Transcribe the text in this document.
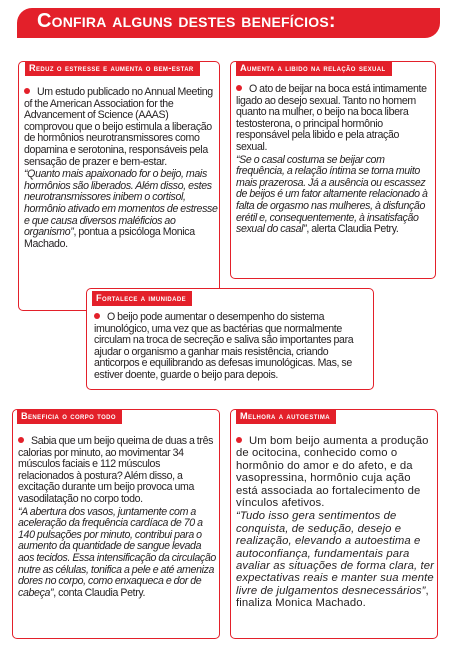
Confira alguns destes benefícios:
Reduz o estresse e aumenta o bem-estar

Um estudo publicado no Annual Meeting of the American Association for the Advancement of Science (AAAS) comprovou que o beijo estimula a liberação de hormônios neurotransmissores como dopamina e serotonina, responsáveis pela sensação de prazer e bem-estar.

“Quanto mais apaixonado for o beijo, mais hormônios são liberados. Além disso, estes neurotransmissores inibem o cortisol, hormônio ativado em momentos de estresse e que causa diversos maléficios ao organismo”, pontua a psicóloga Monica Machado.

Aumenta a libido na relação sexual

O ato de beijar na boca está intimamente ligado ao desejo sexual. Tanto no homem quanto na mulher, o beijo na boca libera testosterona, o principal hormônio responsável pela libido e pela atração sexual.

“Se o casal costuma se beijar com frequência, a relação íntima se torna muito mais prazerosa. Já a ausência ou escassez de beijos é um fator altamente relacionado à falta de orgasmo nas mulheres, à disfunção erétil e, consequentemente, à insatisfação sexual do casal”, alerta Claudia Petry.

Fortalece a imunidade

O beijo pode aumentar o desempenho do sistema imunológico, uma vez que as bactérias que normalmente circulam na troca de secreção e saliva são importantes para ajudar o organismo a ganhar mais resistência, criando anticorpos e equilibrando as defesas imunológicas. Mas, se estiver doente, guarde o beijo para depois.

Beneficia o corpo todo

Sabia que um beijo queima de duas a três calorias por minuto, ao movimentar 34 músculos faciais e 112 músculos relacionados à postura? Além disso, a excitação durante um beijo provoca uma vasodilatação no corpo todo.

“A abertura dos vasos, juntamente com a aceleração da frequência cardíaca de 70 a 140 pulsações por minuto, contribui para o aumento da quantidade de sangue levada aos tecidos. Essa intensificação da circulação nutre as células, tonifica a pele e até ameniza dores no corpo, como enxaqueca e dor de cabeça”, conta Claudia Petry.

Melhora a autoestima

Um bom beijo aumenta a produção de ocitocina, conhecido como o hormônio do amor e do afeto, e da vasopressina, hormônio cuja ação está associada ao fortalecimento de vínculos afetivos.

“Tudo isso gera sentimentos de conquista, de sedução, desejo e realização, elevando a autoestima e autoconfiança, fundamentais para avaliar as situações de forma clara, ter expectativas reais e manter sua mente livre de julgamentos desnecessários”, finaliza Monica Machado.
